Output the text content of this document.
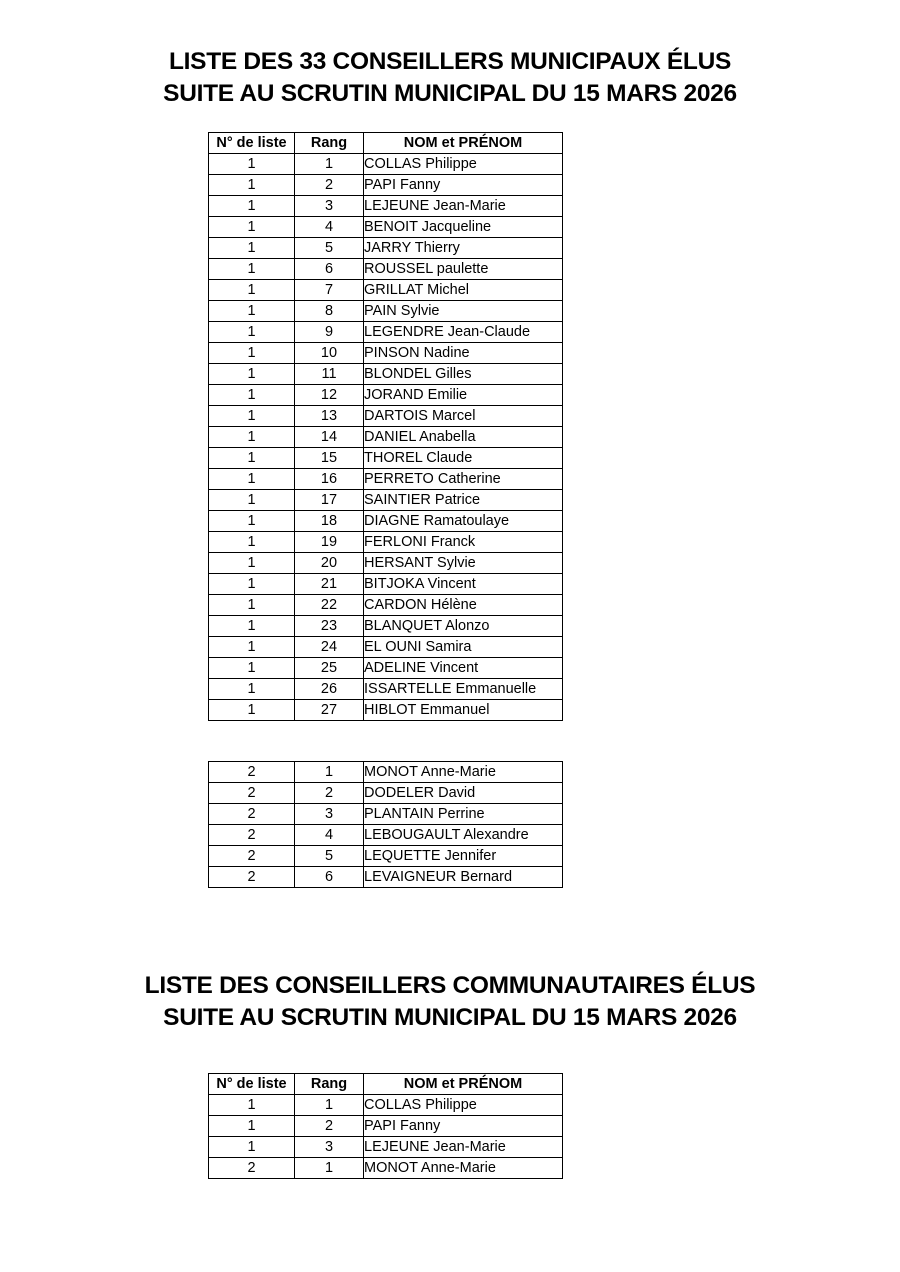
LISTE DES 33 CONSEILLERS MUNICIPAUX ÉLUS
SUITE AU SCRUTIN MUNICIPAL DU 15 MARS 2026
N° de liste	Rang	NOM et PRÉNOM
1	1	COLLAS Philippe
1	2	PAPI Fanny
1	3	LEJEUNE Jean-Marie
1	4	BENOIT Jacqueline
1	5	JARRY Thierry
1	6	ROUSSEL paulette
1	7	GRILLAT Michel
1	8	PAIN Sylvie
1	9	LEGENDRE Jean-Claude
1	10	PINSON Nadine
1	11	BLONDEL Gilles
1	12	JORAND Emilie
1	13	DARTOIS Marcel
1	14	DANIEL Anabella
1	15	THOREL Claude
1	16	PERRETO Catherine
1	17	SAINTIER Patrice
1	18	DIAGNE Ramatoulaye
1	19	FERLONI Franck
1	20	HERSANT Sylvie
1	21	BITJOKA Vincent
1	22	CARDON Hélène
1	23	BLANQUET Alonzo
1	24	EL OUNI Samira
1	25	ADELINE Vincent
1	26	ISSARTELLE Emmanuelle
1	27	HIBLOT Emmanuel
2	1	MONOT Anne-Marie
2	2	DODELER David
2	3	PLANTAIN Perrine
2	4	LEBOUGAULT Alexandre
2	5	LEQUETTE Jennifer
2	6	LEVAIGNEUR Bernard
LISTE DES CONSEILLERS COMMUNAUTAIRES ÉLUS
SUITE AU SCRUTIN MUNICIPAL DU 15 MARS 2026
N° de liste	Rang	NOM et PRÉNOM
1	1	COLLAS Philippe
1	2	PAPI Fanny
1	3	LEJEUNE Jean-Marie
2	1	MONOT Anne-Marie
